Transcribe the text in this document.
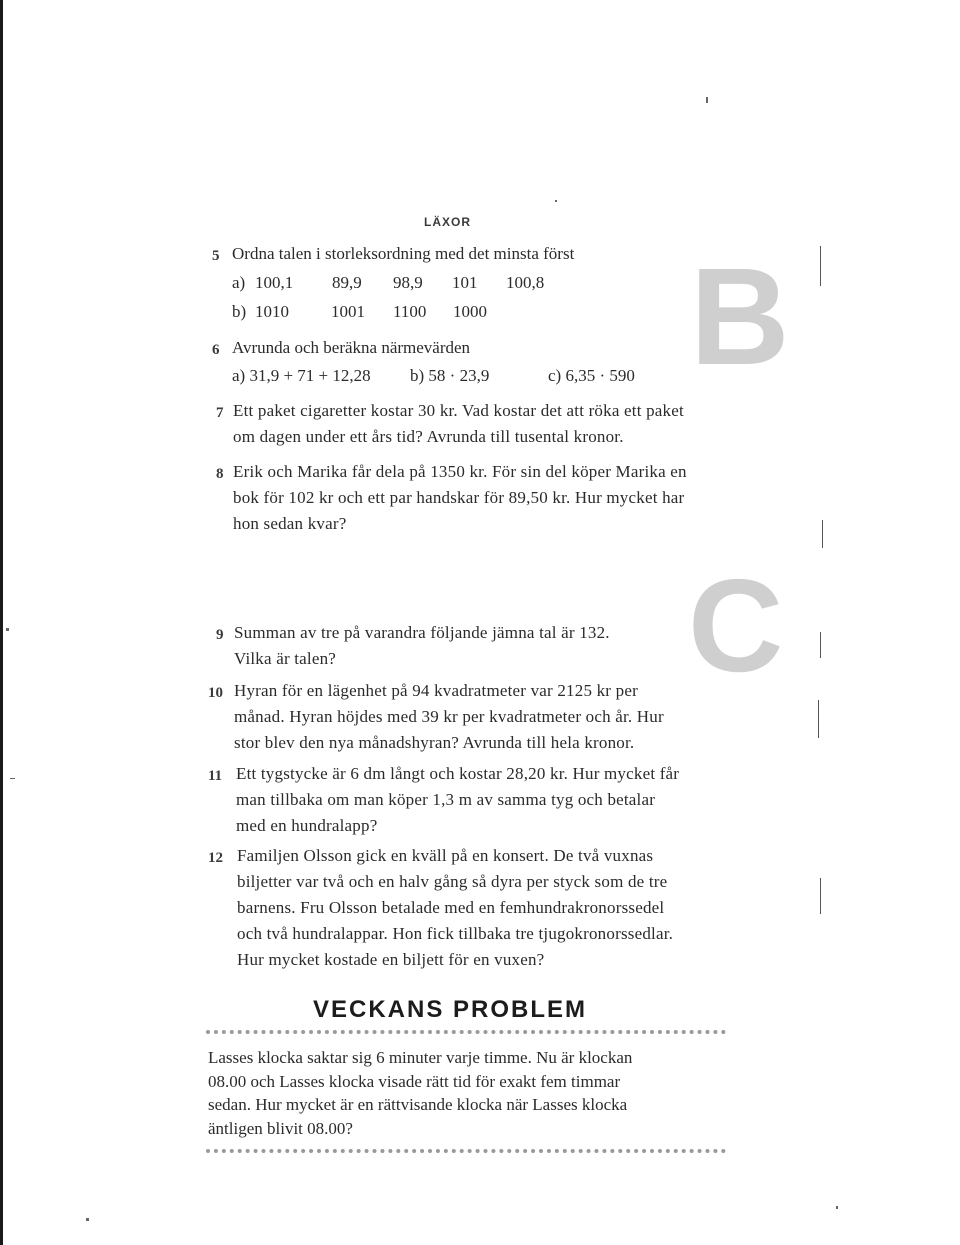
LÄXOR
B
C
5 Ordna talen i storleksordning med det minsta först
a) 100,1 89,9 98,9 101 100,8
b) 1010 1001 1100 1000
6 Avrunda och beräkna närmevärden
a) 31,9 + 71 + 12,28 b) 58 · 23,9	c) 6,35 · 590
7 Ett paket cigaretter kostar 30 kr. Vad kostar det att röka ett paket
om dagen under ett års tid? Avrunda till tusental kronor.
8 Erik och Marika får dela på 1350 kr. För sin del köper Marika en
bok för 102 kr och ett par handskar för 89,50 kr. Hur mycket har
hon sedan kvar?
9 Summan av tre på varandra följande jämna tal är 132.
Vilka är talen?
10 Hyran för en lägenhet på 94 kvadratmeter var 2125 kr per
månad. Hyran höjdes med 39 kr per kvadratmeter och år. Hur
stor blev den nya månadshyran? Avrunda till hela kronor.
11 Ett tygstycke är 6 dm långt och kostar 28,20 kr. Hur mycket får
man tillbaka om man köper 1,3 m av samma tyg och betalar
med en hundralapp?
12 Familjen Olsson gick en kväll på en konsert. De två vuxnas
biljetter var två och en halv gång så dyra per styck som de tre
barnens. Fru Olsson betalade med en femhundrakronorssedel
och två hundralappar. Hon fick tillbaka tre tjugokronorssedlar.
Hur mycket kostade en biljett för en vuxen?
VECKANS PROBLEM
Lasses klocka saktar sig 6 minuter varje timme. Nu är klockan
08.00 och Lasses klocka visade rätt tid för exakt fem timmar
sedan. Hur mycket är en rättvisande klocka när Lasses klocka
äntligen blivit 08.00?
